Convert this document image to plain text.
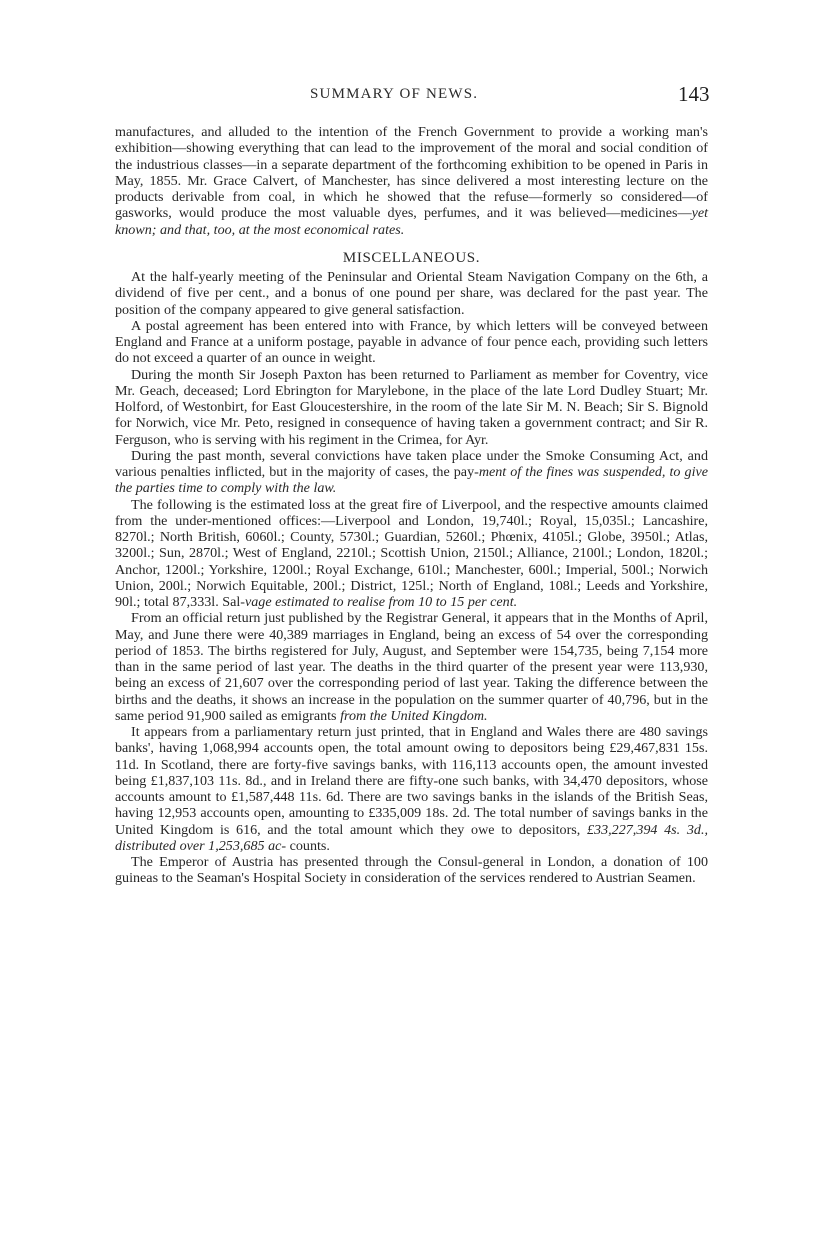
SUMMARY OF NEWS.	143

manufactures, and alluded to the intention of the French Government to provide a working man's exhibition—showing everything that can lead to the improvement of the moral and social condition of the industrious classes—in a separate department of the forthcoming exhibition to be opened in Paris in May, 1855. Mr. Grace Calvert, of Manchester, has since delivered a most interesting lecture on the products derivable from coal, in which he showed that the refuse—formerly so considered—of gasworks, would produce the most valuable dyes, perfumes, and it was believed—medicines—yet known; and that, too, at the most economical rates.

MISCELLANEOUS.

At the half-yearly meeting of the Peninsular and Oriental Steam Navigation Company on the 6th, a dividend of five per cent., and a bonus of one pound per share, was declared for the past year. The position of the company appeared to give general satisfaction.

A postal agreement has been entered into with France, by which letters will be conveyed between England and France at a uniform postage, payable in advance of four pence each, providing such letters do not exceed a quarter of an ounce in weight.

During the month Sir Joseph Paxton has been returned to Parliament as member for Coventry, vice Mr. Geach, deceased; Lord Ebrington for Marylebone, in the place of the late Lord Dudley Stuart; Mr. Holford, of Westonbirt, for East Gloucestershire, in the room of the late Sir M. N. Beach; Sir S. Bignold for Norwich, vice Mr. Peto, resigned in consequence of having taken a government contract; and Sir R. Ferguson, who is serving with his regiment in the Crimea, for Ayr.

During the past month, several convictions have taken place under the Smoke Consuming Act, and various penalties inflicted, but in the majority of cases, the pay-ment of the fines was suspended, to give the parties time to comply with the law.

The following is the estimated loss at the great fire of Liverpool, and the respective amounts claimed from the under-mentioned offices:—Liverpool and London, 19,740l.; Royal, 15,035l.; Lancashire, 8270l.; North British, 6060l.; County, 5730l.; Guardian, 5260l.; Phœnix, 4105l.; Globe, 3950l.; Atlas, 3200l.; Sun, 2870l.; West of England, 2210l.; Scottish Union, 2150l.; Alliance, 2100l.; London, 1820l.; Anchor, 1200l.; Yorkshire, 1200l.; Royal Exchange, 610l.; Manchester, 600l.; Imperial, 500l.; Norwich Union, 200l.; Norwich Equitable, 200l.; District, 125l.; North of England, 108l.; Leeds and Yorkshire, 90l.; total 87,333l. Sal-vage estimated to realise from 10 to 15 per cent.

From an official return just published by the Registrar General, it appears that in the Months of April, May, and June there were 40,389 marriages in England, being an excess of 54 over the corresponding period of 1853. The births registered for July, August, and September were 154,735, being 7,154 more than in the same period of last year. The deaths in the third quarter of the present year were 113,930, being an excess of 21,607 over the corresponding period of last year. Taking the difference between the births and the deaths, it shows an increase in the population on the summer quarter of 40,796, but in the same period 91,900 sailed as emigrants from the United Kingdom.

It appears from a parliamentary return just printed, that in England and Wales there are 480 savings banks', having 1,068,994 accounts open, the total amount owing to depositors being £29,467,831 15s. 11d. In Scotland, there are forty-five savings banks, with 116,113 accounts open, the amount invested being £1,837,103 11s. 8d., and in Ireland there are fifty-one such banks, with 34,470 depositors, whose accounts amount to £1,587,448 11s. 6d. There are two savings banks in the islands of the British Seas, having 12,953 accounts open, amounting to £335,009 18s. 2d. The total number of savings banks in the United Kingdom is 616, and the total amount which they owe to depositors, £33,227,394 4s. 3d., distributed over 1,253,685 ac- counts.

The Emperor of Austria has presented through the Consul-general in London, a donation of 100 guineas to the Seaman's Hospital Society in consideration of the services rendered to Austrian Seamen.
